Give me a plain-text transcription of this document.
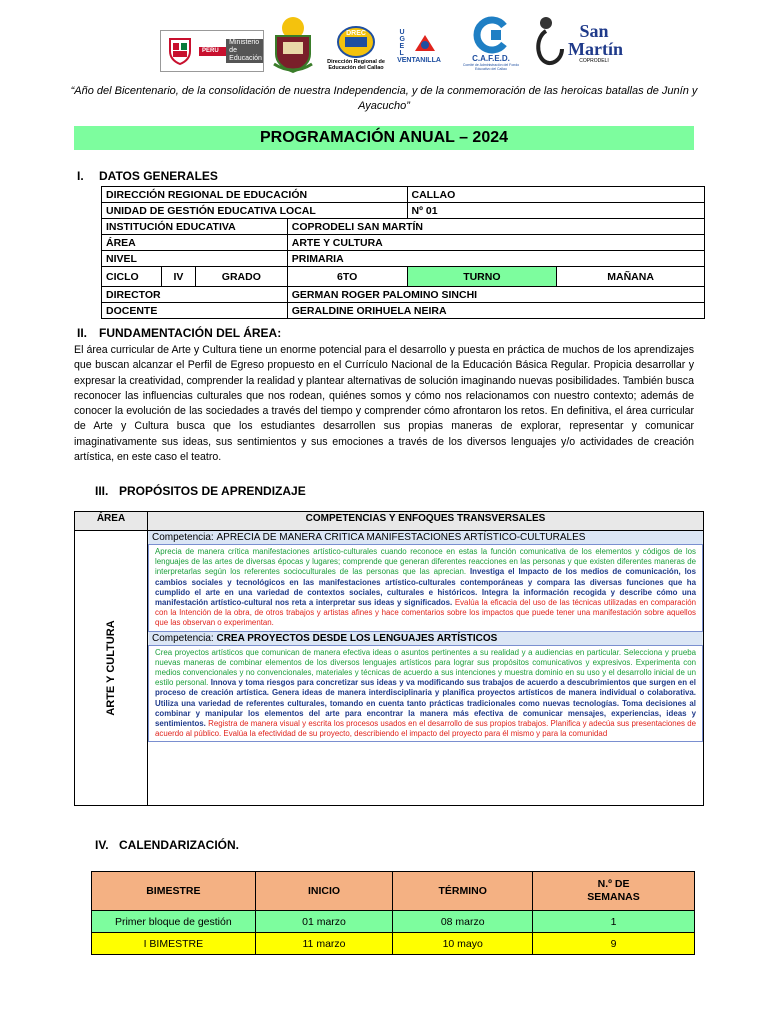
PERÚ
Ministerio de Educación
DREC
Dirección Regional de Educación del Callao
U G E L
VENTANILLA	C.A.F.E.D.
Comité de Administración del Fondo Educativo del Callao
San Martín
COPRODELI
“Año del Bicentenario, de la consolidación de nuestra Independencia, y de la conmemoración de las heroicas batallas de Junín y Ayacucho”
PROGRAMACIÓN ANUAL – 2024
I. DATOS GENERALES
DIRECCIÓN REGIONAL DE EDUCACIÓN				CALLAO	
UNIDAD DE GESTIÓN EDUCATIVA LOCAL				Nº 01	
INSTITUCIÓN EDUCATIVA			COPRODELI SAN MARTÍN		
ÁREA			ARTE Y CULTURA		
NIVEL			PRIMARIA		
CICLO	IV	GRADO	6TO	TURNO	MAÑANA
DIRECTOR			GERMAN ROGER PALOMINO SINCHI		
DOCENTE			GERALDINE ORIHUELA NEIRA		
II. FUNDAMENTACIÓN DEL ÁREA:
El área curricular de Arte y Cultura tiene un enorme potencial para el desarrollo y puesta en práctica de muchos de los aprendizajes que buscan alcanzar el Perfil de Egreso propuesto en el Currículo Nacional de la Educación Básica Regular. Propicia desarrollar y expresar la creatividad, comprender la realidad y plantear alternativas de solución imaginando nuevas posibilidades. También busca reconocer las influencias culturales que nos rodean, quiénes somos y cómo nos relacionamos con nuestro contexto; además de conocer la evolución de las sociedades a través del tiempo y comprender cómo afrontaron los retos. En definitiva, el área curricular de Arte y Cultura busca que los estudiantes desarrollen sus propias maneras de explorar, representar y comunicar imaginativamente sus ideas, sus sentimientos y sus emociones a través de los diversos lenguajes y/o actividades de creación artística, en este caso el teatro.
III. PROPÓSITOS DE APRENDIZAJE
ÁREA	COMPETENCIAS Y ENFOQUES TRANSVERSALES

ARTE Y CULTURA	Competencia: APRECIA DE MANERA CRITICA MANIFESTACIONES ARTÍSTICO-CULTURALES
Aprecia de manera crítica manifestaciones artístico-culturales cuando reconoce en estas la función comunicativa de los elementos y códigos de los lenguajes de las artes de diversas épocas y lugares; comprende que generan diferentes reacciones en las personas y que existen diferentes maneras de interpretarlas según los referentes socioculturales de las personas que las aprecian. Investiga el Impacto de los medios de comunicación, los cambios sociales y tecnológicos en las manifestaciones artístico-culturales contemporáneas y compara las diversas funciones que ha cumplido el arte en una variedad de contextos sociales, culturales e históricos. Integra la información recogida y describe cómo una manifestación artístico-cultural nos reta a interpretar sus ideas y significados. Evalúa la eficacia del uso de las técnicas utilizadas en comparación con la Intención de la obra, de otros trabajos y artistas afines y hace comentarios sobre los impactos que puede tener una manifestación sobre aquellos que las observan o experimentan.
Competencia: CREA PROYECTOS DESDE LOS LENGUAJES ARTÍSTICOS
Crea proyectos artísticos que comunican de manera efectiva ideas o asuntos pertinentes a su realidad y a audiencias en particular. Selecciona y prueba nuevas maneras de combinar elementos de los diversos lenguajes artísticos para lograr sus propósitos comunicativos y expresivos. Experimenta con medios convencionales y no convencionales, materiales y técnicas de acuerdo a sus intenciones y muestra dominio en su uso y el desarrollo inicial de un estilo personal. Innova y toma riesgos para concretizar sus ideas y va modificando sus trabajos de acuerdo a descubrimientos que surgen en el proceso de creación artística. Genera ideas de manera interdisciplinaria y planifica proyectos artísticos de manera individual o colaborativa. Utiliza una variedad de referentes culturales, tomando en cuenta tanto prácticas tradicionales como nuevas tecnologías. Toma decisiones al combinar y manipular los elementos del arte para encontrar la manera más efectiva de comunicar mensajes, experiencias, ideas y sentimientos. Registra de manera visual y escrita los procesos usados en el desarrollo de sus propios trabajos. Planifica y adecúa sus presentaciones de acuerdo al público. Evalúa la efectividad de su proyecto, describiendo el impacto del proyecto para él mismo y para la comunidad
IV. CALENDARIZACIÓN.
BIMESTRE	INICIO	TÉRMINO	N.º DE SEMANAS
Primer bloque de gestión	01 marzo	08 marzo	1
I BIMESTRE	11 marzo	10 mayo	9
